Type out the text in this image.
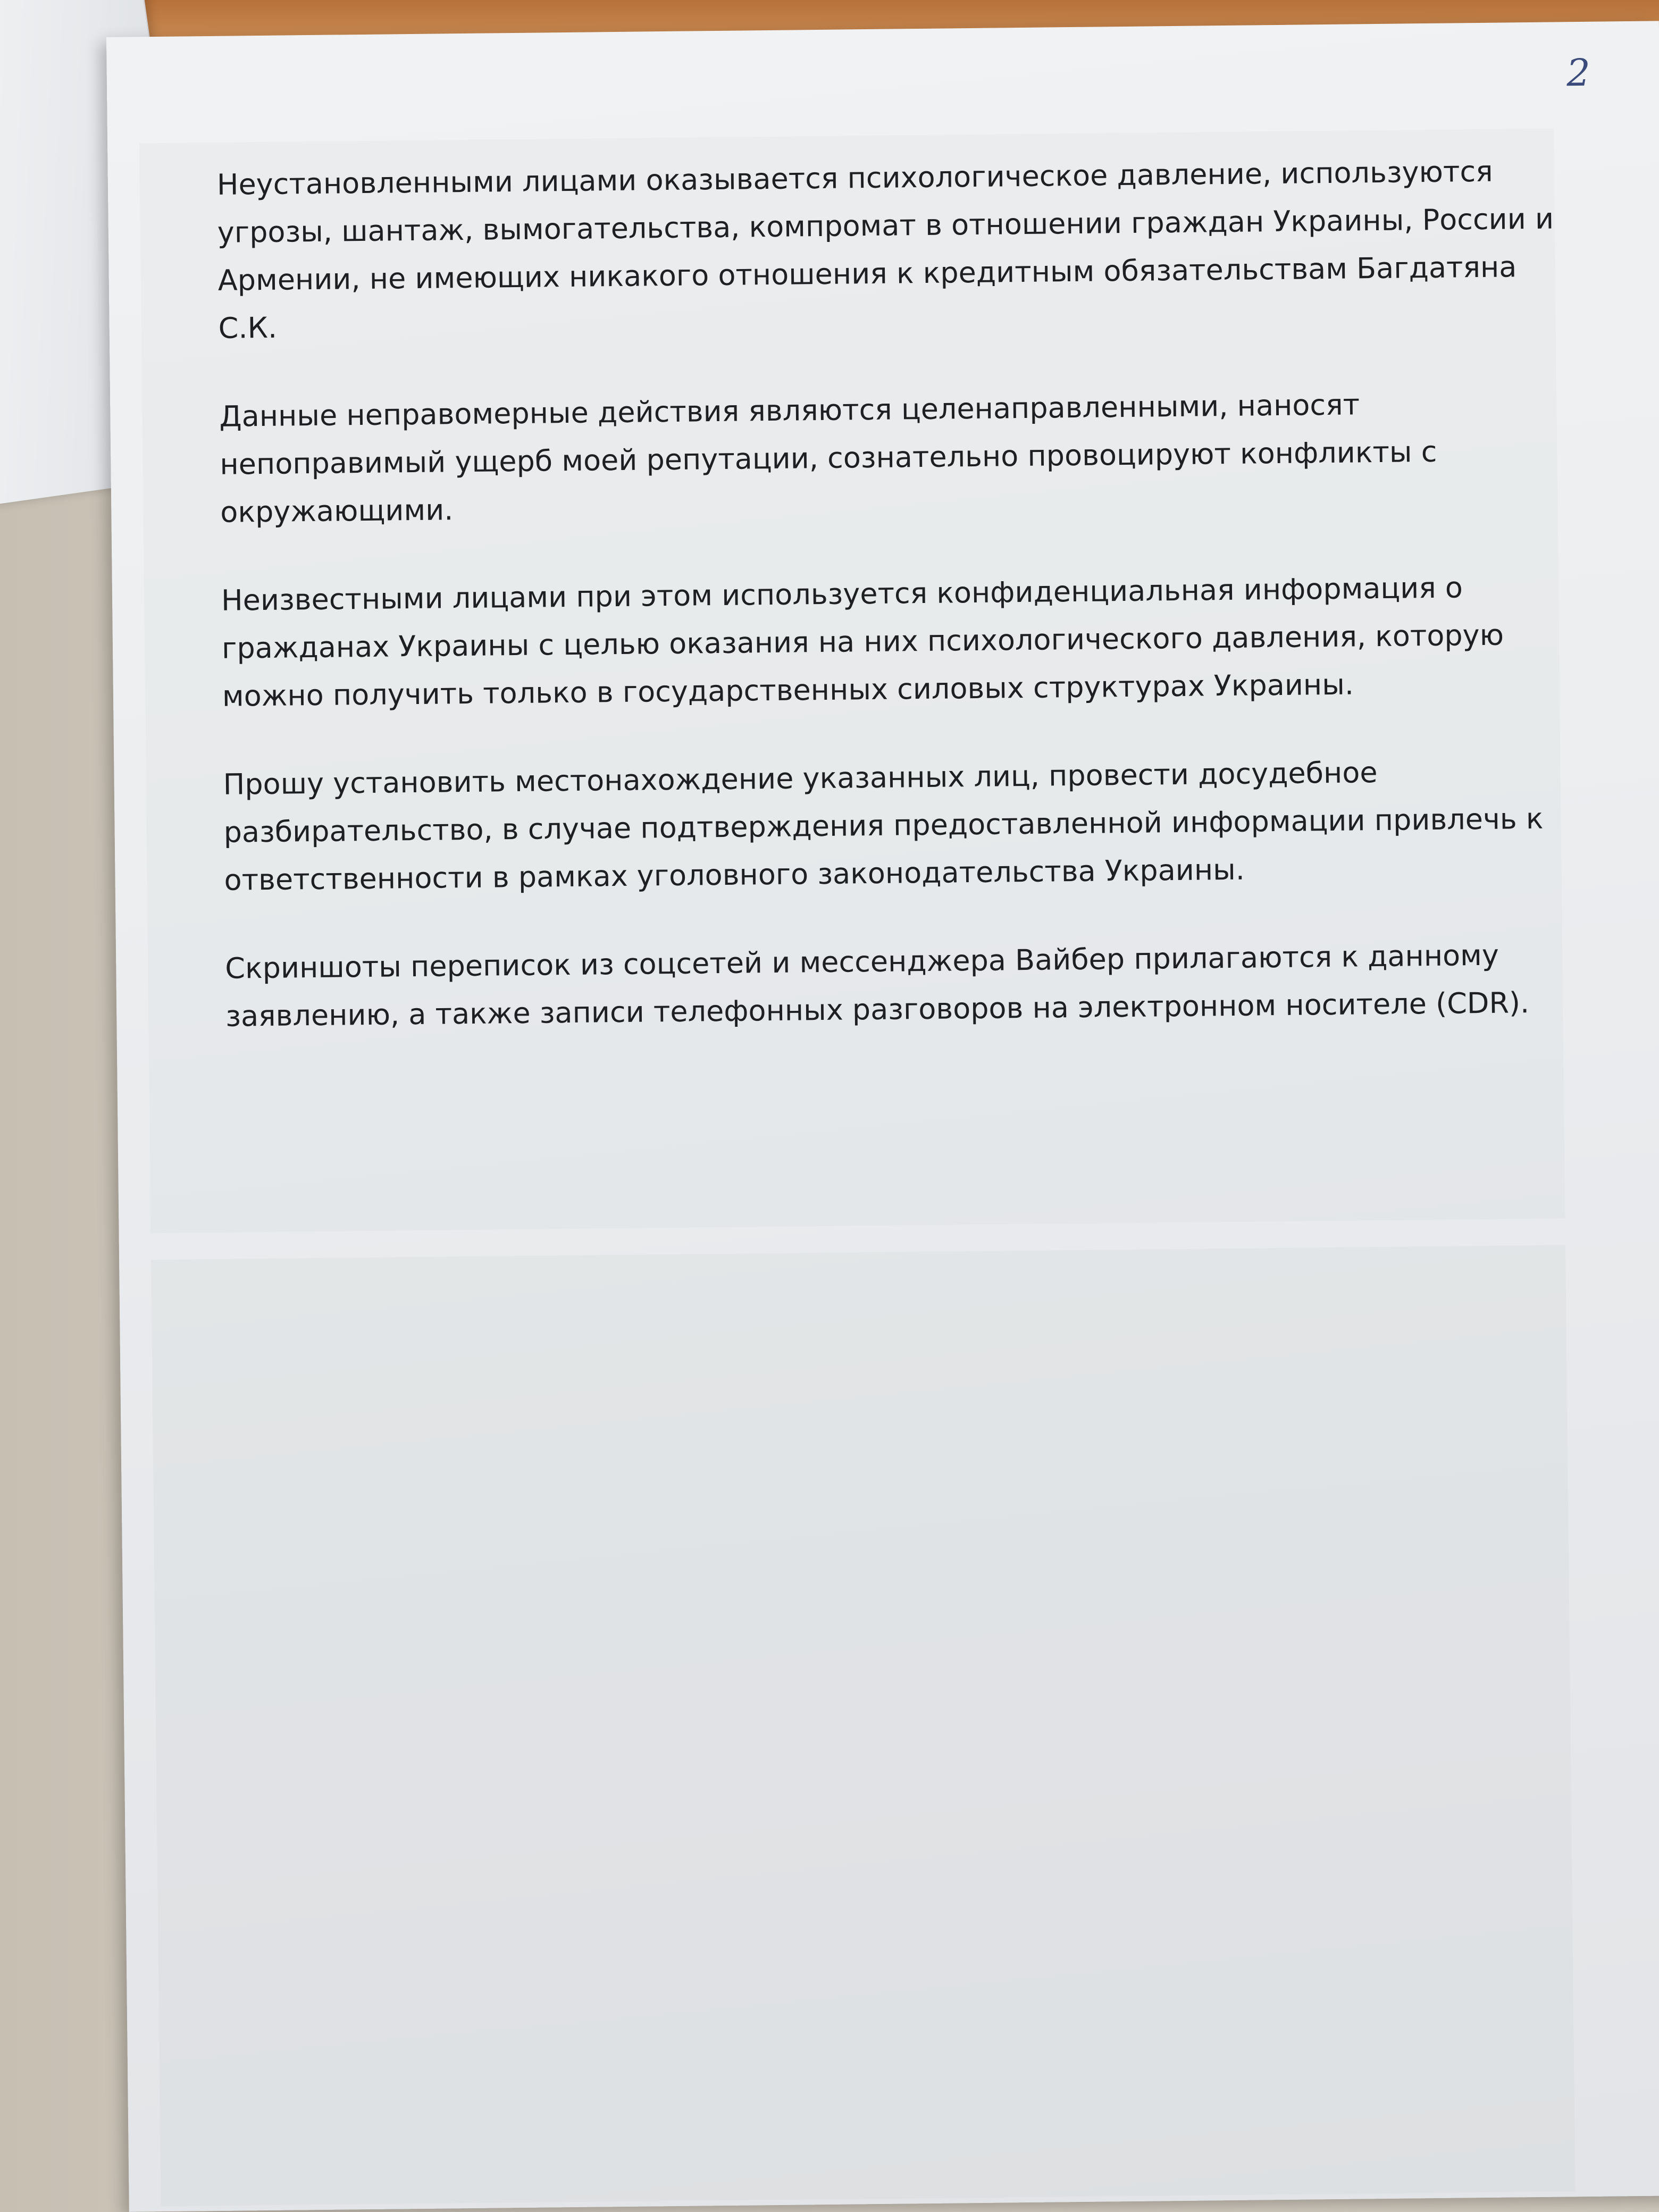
2

Неустановленными лицами оказывается психологическое давление, используются угрозы, шантаж, вымогательства, компромат в отношении граждан Украины, России и Армении, не имеющих никакого отношения к кредитным обязательствам Багдатяна С.К.

Данные неправомерные действия являются целенаправленными, наносят непоправимый ущерб моей репутации, сознательно провоцируют конфликты с окружающими.

Неизвестными лицами при этом используется конфиденциальная информация о гражданах Украины с целью оказания на них психологического давления, которую можно получить только в государственных силовых структурах Украины.

Прошу установить местонахождение указанных лиц, провести досудебное разбирательство, в случае подтверждения предоставленной информации привлечь к ответственности в рамках уголовного законодательства Украины.

Скриншоты переписок из соцсетей и мессенджера Вайбер прилагаются к данному заявлению, а также записи телефонных разговоров на электронном носителе (CDR).
